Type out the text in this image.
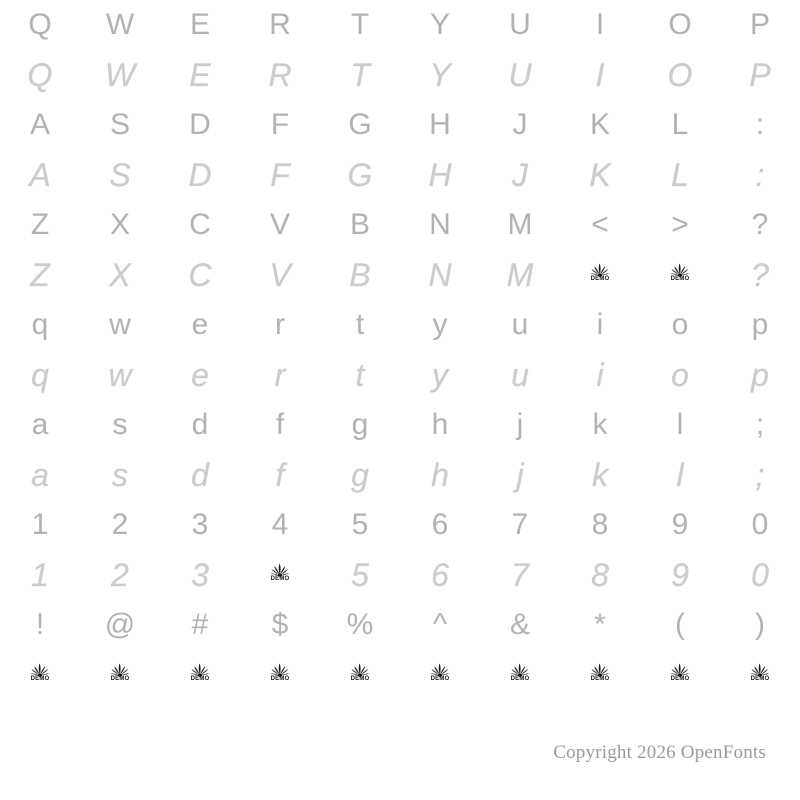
Q W E R T Y U I O P
Q W E R T Y U I O P
A S D F G H J K L :
A S D F G H J K L :
Z X C V B N M < > ?
Z X C V B N M	DEMO	DEMO ?
q w e r t y u i o p
q w e r t y u i o p
a s d f g h j k l ;
a s d f g h j k l ;
1 2 3 4 5 6 7 8 9 0
1 2 3	DEMO 5 6 7 8 9 0
! @ # $ % ^ & * ( )
DEMO	DEMO	DEMO	DEMO	DEMO	DEMO	DEMO	DEMO	DEMO	DEMO
Copyright 2026 OpenFonts
